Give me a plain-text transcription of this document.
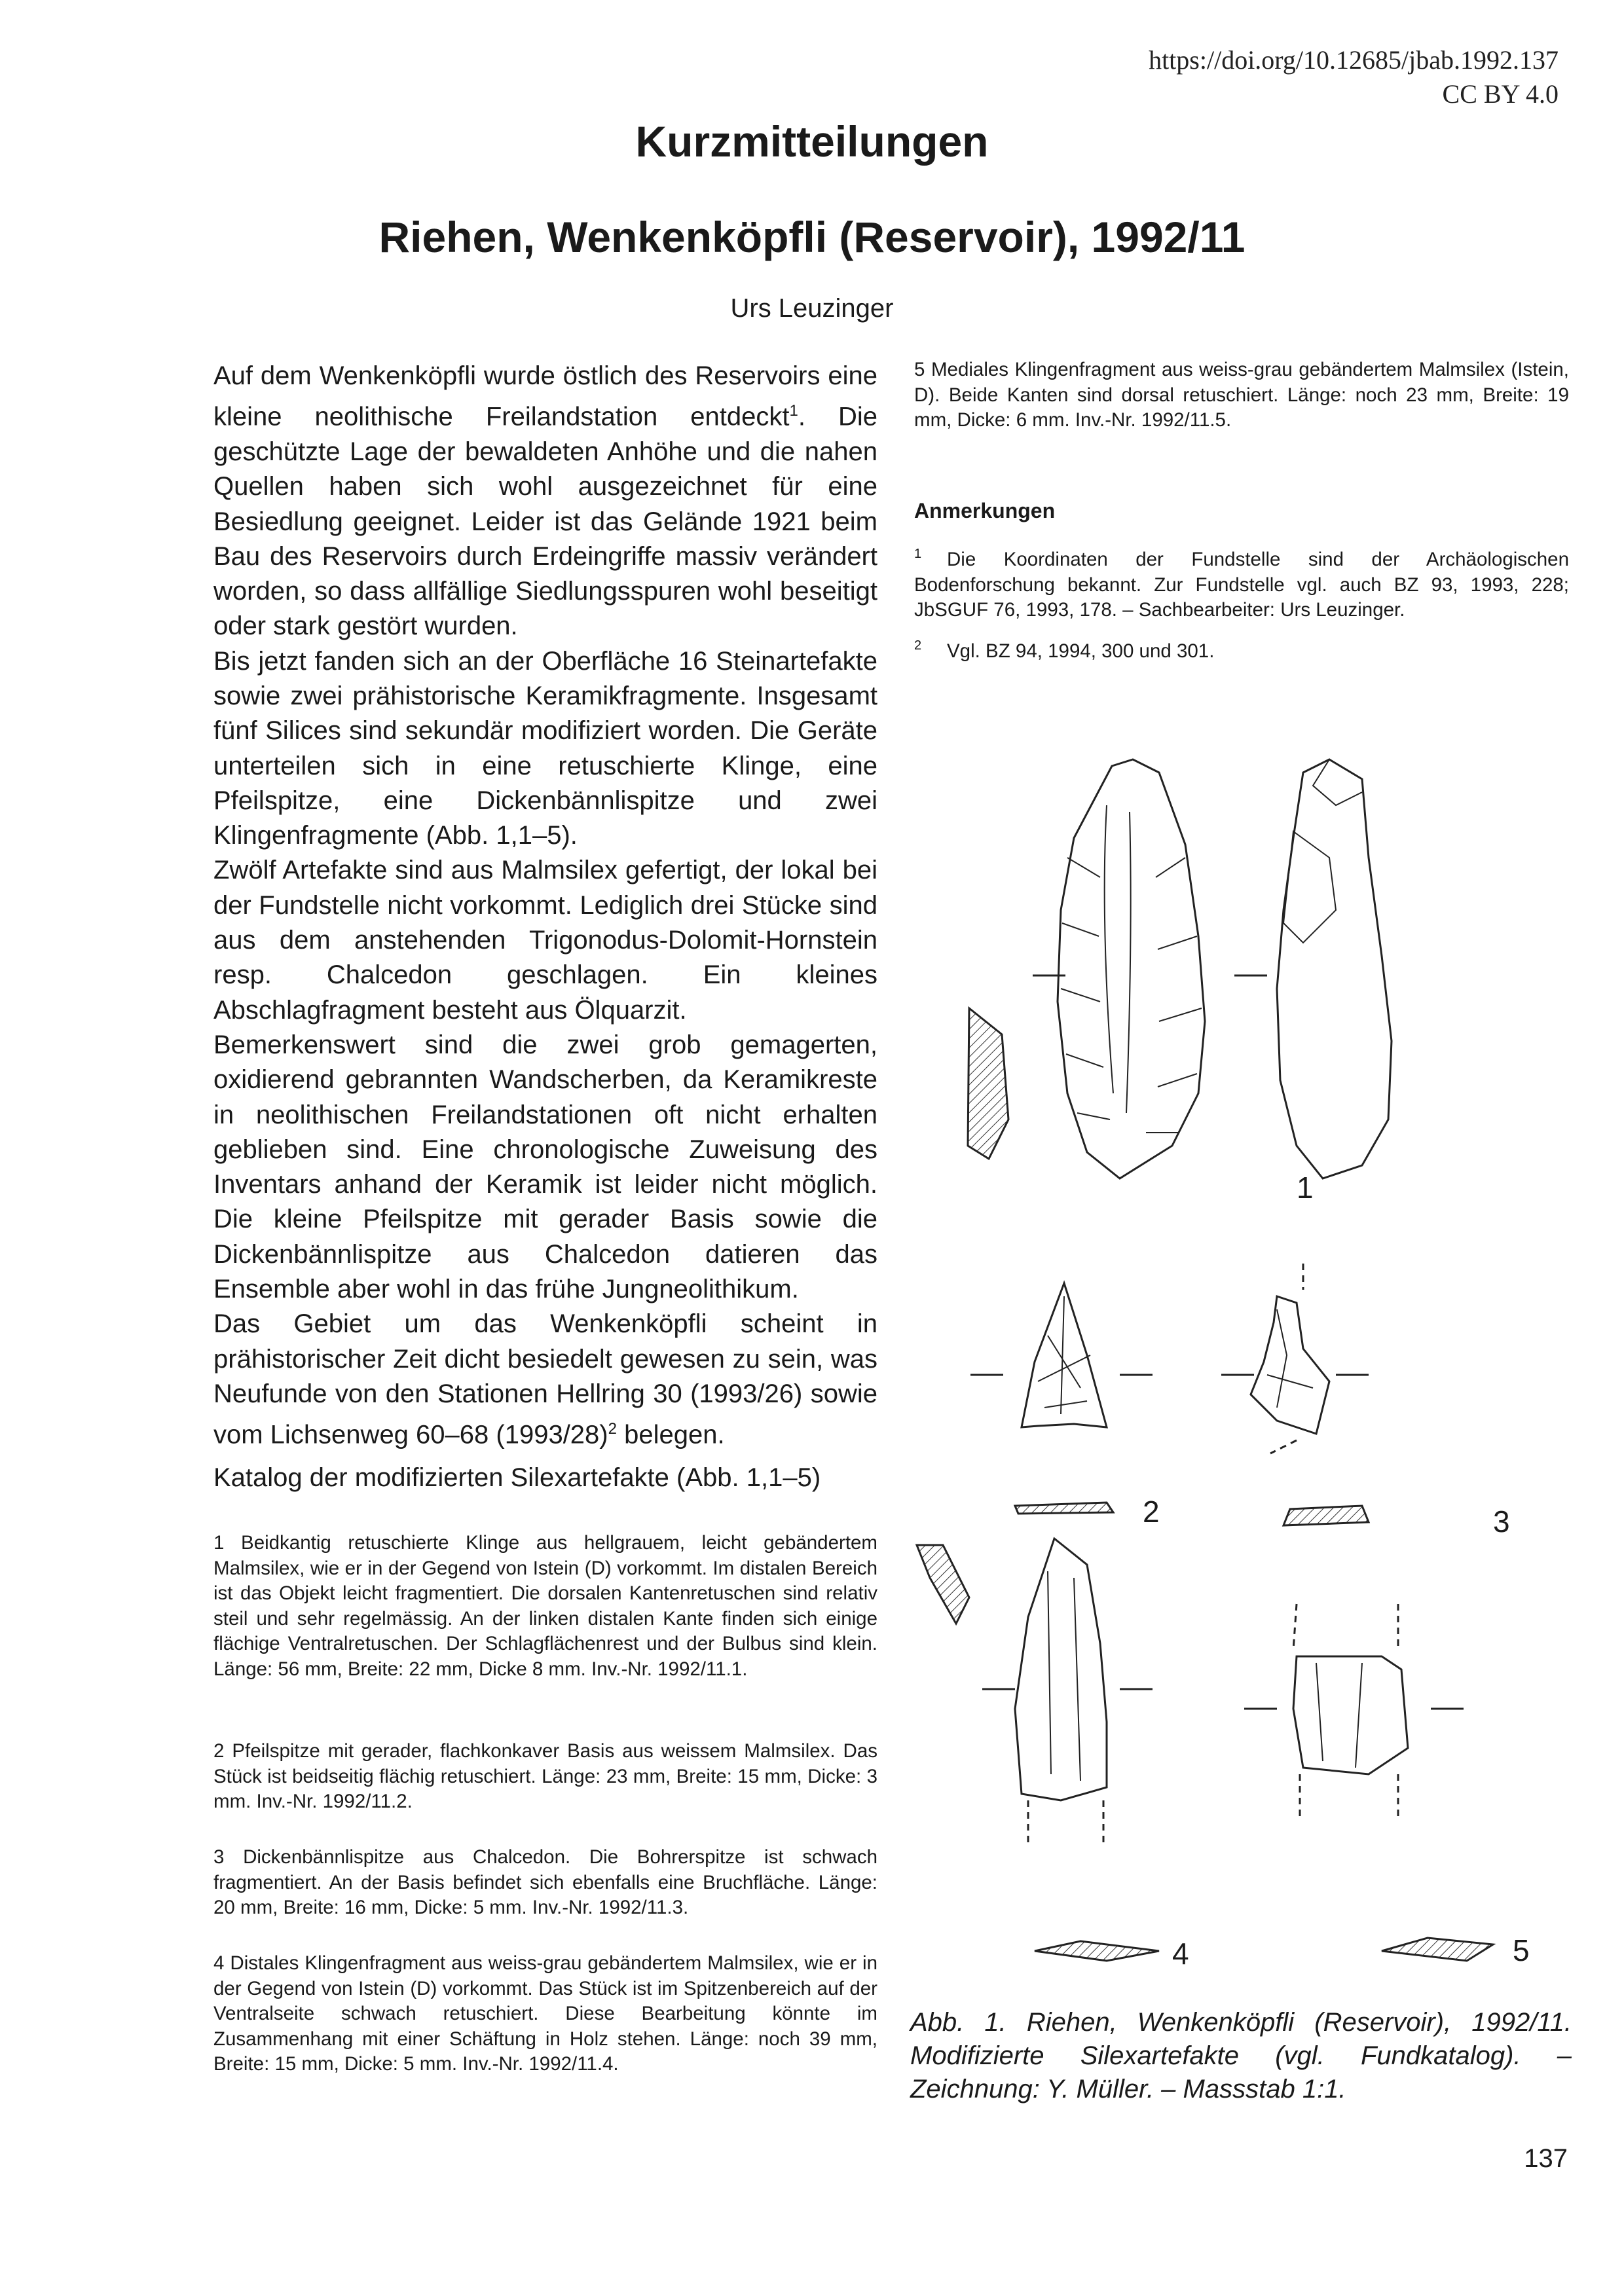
https://doi.org/10.12685/jbab.1992.137
CC BY 4.0
Kurzmitteilungen
Riehen, Wenkenköpfli (Reservoir), 1992/11
Urs Leuzinger

Auf dem Wenkenköpfli wurde östlich des Reservoirs eine kleine neolithische Freilandstation entdeckt$^1$. Die geschützte Lage der bewaldeten Anhöhe und die nahen Quellen haben sich wohl ausgezeichnet für eine Besiedlung geeignet. Leider ist das Gelände 1921 beim Bau des Reservoirs durch Erdeingriffe massiv verändert worden, so dass allfällige Siedlungsspuren wohl beseitigt oder stark gestört wurden.

Bis jetzt fanden sich an der Oberfläche 16 Steinartefakte sowie zwei prähistorische Keramikfragmente. Insgesamt fünf Silices sind sekundär modifiziert worden. Die Geräte unterteilen sich in eine retuschierte Klinge, eine Pfeilspitze, eine Dickenbännlispitze und zwei Klingenfragmente (Abb. 1,1–5).

Zwölf Artefakte sind aus Malmsilex gefertigt, der lokal bei der Fundstelle nicht vorkommt. Lediglich drei Stücke sind aus dem anstehenden Trigonodus-Dolomit-Hornstein resp. Chalcedon geschlagen. Ein kleines Abschlagfragment besteht aus Ölquarzit.

Bemerkenswert sind die zwei grob gemagerten, oxidierend gebrannten Wandscherben, da Keramikreste in neolithischen Freilandstationen oft nicht erhalten geblieben sind. Eine chronologische Zuweisung des Inventars anhand der Keramik ist leider nicht möglich. Die kleine Pfeilspitze mit gerader Basis sowie die Dickenbännlispitze aus Chalcedon datieren das Ensemble aber wohl in das frühe Jungneolithikum.

Das Gebiet um das Wenkenköpfli scheint in prähistorischer Zeit dicht besiedelt gewesen zu sein, was Neufunde von den Stationen Hellring 30 (1993/26) sowie vom Lichsenweg 60–68 $(1993/28)^2$ belegen.

Katalog der modifizierten Silexartefakte (Abb. 1,1–5)

1 Beidkantig retuschierte Klinge aus hellgrauem, leicht gebändertem Malmsilex, wie er in der Gegend von Istein (D) vorkommt. Im distalen Bereich ist das Objekt leicht fragmentiert. Die dorsalen Kantenretuschen sind relativ steil und sehr regelmässig. An der linken distalen Kante finden sich einige flächige Ventralretuschen. Der Schlagflächenrest und der Bulbus sind klein. Länge: 56 mm, Breite: 22 mm, Dicke 8 mm. Inv.-Nr. 1992/11.1.

2 Pfeilspitze mit gerader, flachkonkaver Basis aus weissem Malmsilex. Das Stück ist beidseitig flächig retuschiert. Länge: 23 mm, Breite: 15 mm, Dicke: 3 mm. Inv.-Nr. 1992/11.2.

3 Dickenbännlispitze aus Chalcedon. Die Bohrerspitze ist schwach fragmentiert. An der Basis befindet sich ebenfalls eine Bruchfläche. Länge: 20 mm, Breite: 16 mm, Dicke: 5 mm. Inv.-Nr. 1992/11.3.

4 Distales Klingenfragment aus weiss-grau gebändertem Malmsilex, wie er in der Gegend von Istein (D) vorkommt. Das Stück ist im Spitzenbereich auf der Ventralseite schwach retuschiert. Diese Bearbeitung könnte im Zusammenhang mit einer Schäftung in Holz stehen. Länge: noch 39 mm, Breite: 15 mm, Dicke: 5 mm. Inv.-Nr. 1992/11.4.

5 Mediales Klingenfragment aus weiss-grau gebändertem Malmsilex (Istein, D). Beide Kanten sind dorsal retuschiert. Länge: noch 23 mm, Breite: 19 mm, Dicke: 6 mm. Inv.-Nr. 1992/11.5.

Anmerkungen

$^1$ Die Koordinaten der Fundstelle sind der Archäologischen Bodenforschung bekannt. Zur Fundstelle vgl. auch BZ 93, 1993, 228; JbSGUF 76, 1993, 178. – Sachbearbeiter: Urs Leuzinger.

$^2$ Vgl. BZ 94, 1994, 300 und 301.

1
2	3
4	5
Abb. 1. Riehen, Wenkenköpfli (Reservoir), 1992/11. Modifizierte Silexartefakte (vgl. Fundkatalog). – Zeichnung: Y. Müller. – Massstab 1:1.
137
